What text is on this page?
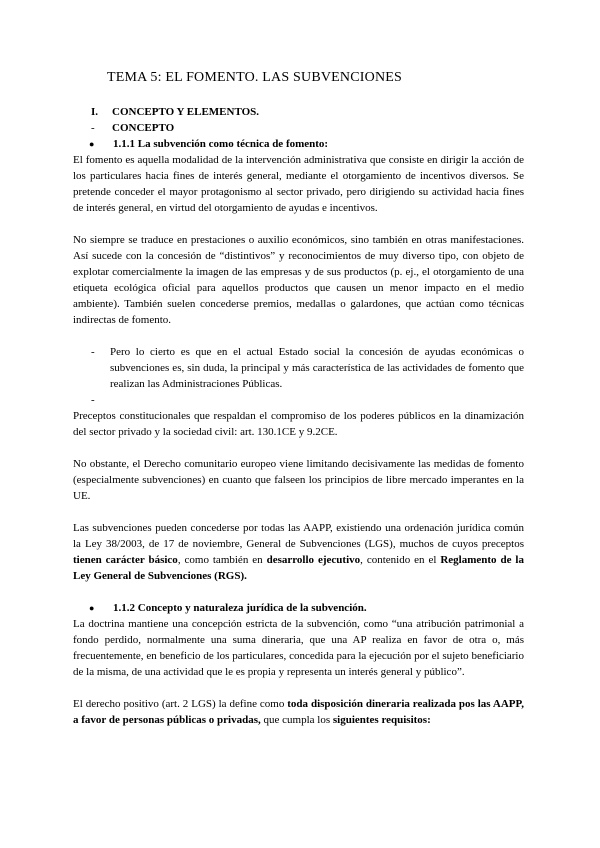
TEMA 5: EL FOMENTO. LAS SUBVENCIONES
I.	CONCEPTO Y ELEMENTOS.
-	CONCEPTO
●	1.1.1 La subvención como técnica de fomento:

El fomento es aquella modalidad de la intervención administrativa que consiste en dirigir la acción de los particulares hacia fines de interés general, mediante el otorgamiento de incentivos diversos. Se pretende conceder el mayor protagonismo al sector privado, pero dirigiendo su actividad hacia fines de interés general, en virtud del otorgamiento de ayudas e incentivos.

No siempre se traduce en prestaciones o auxilio económicos, sino también en otras manifestaciones. Así sucede con la concesión de “distintivos” y reconocimientos de muy diverso tipo, con objeto de explotar comercialmente la imagen de las empresas y de sus productos (p. ej., el otorgamiento de una etiqueta ecológica oficial para aquellos productos que causen un menor impacto en el medio ambiente). También suelen concederse premios, medallas o galardones, que actúan como técnicas indirectas de fomento.

-	Pero lo cierto es que en el actual Estado social la concesión de ayudas económicas o subvenciones es, sin duda, la principal y más característica de las actividades de fomento que realizan las Administraciones Públicas.

-

Preceptos constitucionales que respaldan el compromiso de los poderes públicos en la dinamización del sector privado y la sociedad civil: art. 130.1CE y 9.2CE.

No obstante, el Derecho comunitario europeo viene limitando decisivamente las medidas de fomento (especialmente subvenciones) en cuanto que falseen los principios de libre mercado imperantes en la UE.

Las subvenciones pueden concederse por todas las AAPP, existiendo una ordenación jurídica común la Ley 38/2003, de 17 de noviembre, General de Subvenciones (LGS), muchos de cuyos preceptos tienen carácter básico, como también en desarrollo ejecutivo, contenido en el Reglamento de la Ley General de Subvenciones (RGS).

●	1.1.2 Concepto y naturaleza jurídica de la subvención.

La doctrina mantiene una concepción estricta de la subvención, como “una atribución patrimonial a fondo perdido, normalmente una suma dineraria, que una AP realiza en favor de otra o, más frecuentemente, en beneficio de los particulares, concedida para la ejecución por el sujeto beneficiario de la misma, de una actividad que le es propia y representa un interés general y público”.

El derecho positivo (art. 2 LGS) la define como toda disposición dineraria realizada pos las AAPP, a favor de personas públicas o privadas, que cumpla los siguientes requisitos:
